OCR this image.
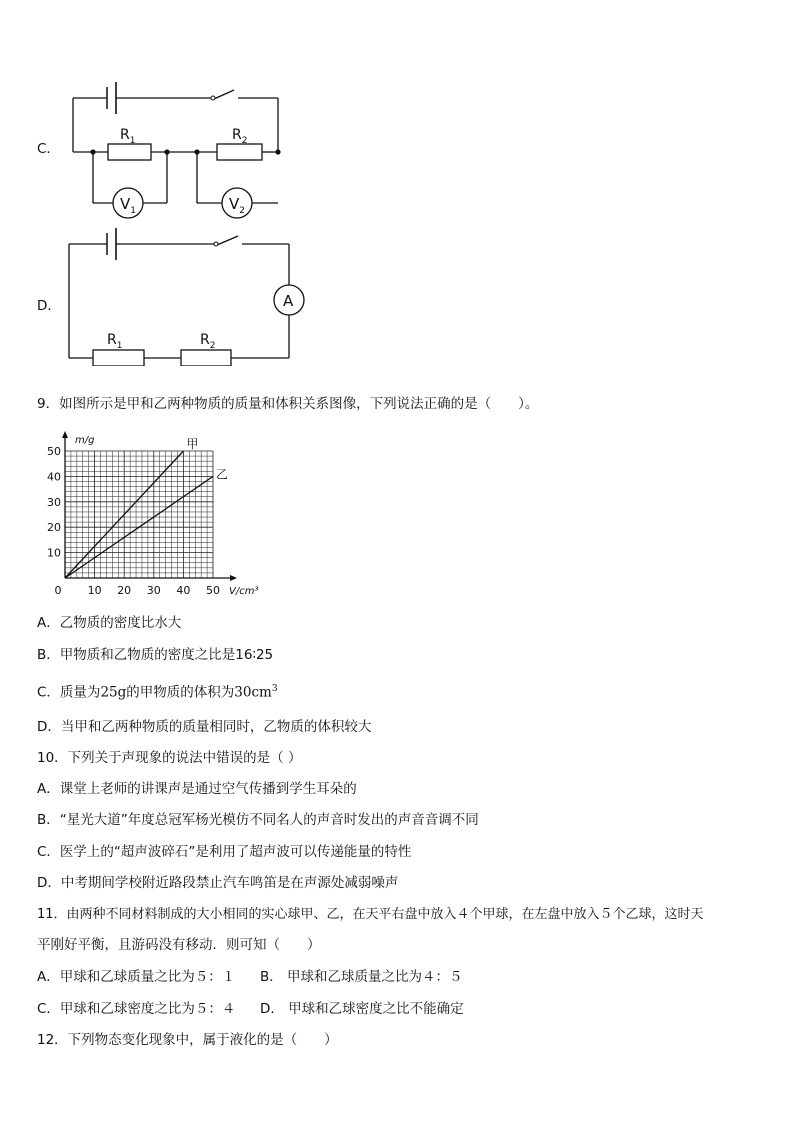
C．
$R_1$	$R_2$
$V_1$	$V_2$
D．	A
$R_1$	$R_2$
9．如图所示是甲和乙两种物质的质量和体积关系图像，下列说法正确的是（　　）。
0 10 20 30 40 50
10
20
30
40
50
m/g
V/cm³
甲
乙
A．乙物质的密度比水大
B．甲物质和乙物质的密度之比是16∶25
C．质量为25g的甲物质的体积为$30cm^3$
D．当甲和乙两种物质的质量相同时，乙物质的体积较大
10．下列关于声现象的说法中错误的是（ ）
A．课堂上老师的讲课声是通过空气传播到学生耳朵的
B．“星光大道”年度总冠军杨光模仿不同名人的声音时发出的声音音调不同
C．医学上的“超声波碎石”是利用了超声波可以传递能量的特性
D．中考期间学校附近路段禁止汽车鸣笛是在声源处减弱噪声
11．由两种不同材料制成的大小相同的实心球甲、乙，在天平右盘中放入４个甲球，在左盘中放入５个乙球，这时天
平刚好平衡，且游码没有移动．则可知（　　）
A．甲球和乙球质量之比为５：１ B． 甲球和乙球质量之比为４：５
C．甲球和乙球密度之比为５：４ D． 甲球和乙球密度之比不能确定
12．下列物态变化现象中，属于液化的是（　　）
